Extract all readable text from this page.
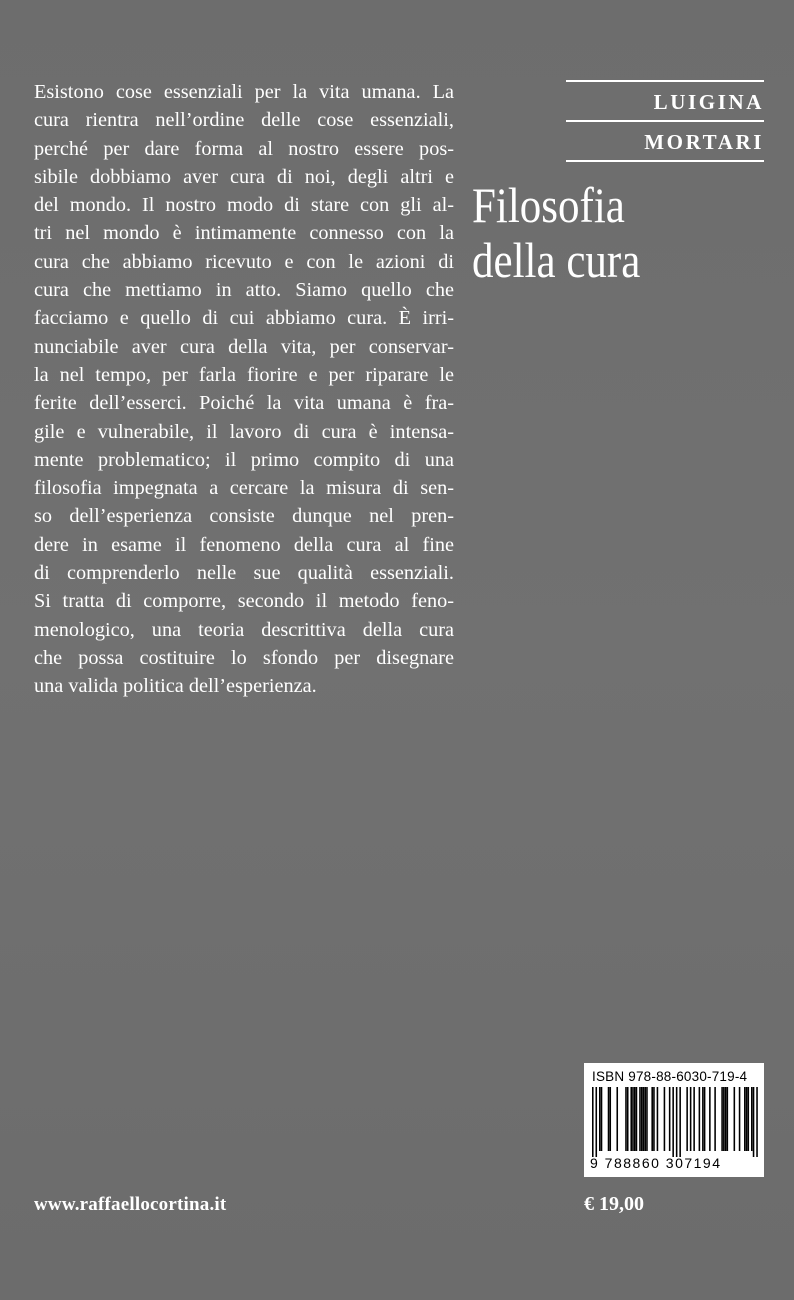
Esistono cose essenziali per la vita umana. La
cura rientra nell’ordine delle cose essenziali,
perché per dare forma al nostro essere pos-
sibile dobbiamo aver cura di noi, degli altri e
del mondo. Il nostro modo di stare con gli al-
tri nel mondo è intimamente connesso con la
cura che abbiamo ricevuto e con le azioni di
cura che mettiamo in atto. Siamo quello che
facciamo e quello di cui abbiamo cura. È irri-
nunciabile aver cura della vita, per conservar-
la nel tempo, per farla fiorire e per riparare le
ferite dell’esserci. Poiché la vita umana è fra-
gile e vulnerabile, il lavoro di cura è intensa-
mente problematico; il primo compito di una
filosofia impegnata a cercare la misura di sen-
so dell’esperienza consiste dunque nel pren-
dere in esame il fenomeno della cura al fine
di comprenderlo nelle sue qualità essenziali.
Si tratta di comporre, secondo il metodo feno-
menologico, una teoria descrittiva della cura
che possa costituire lo sfondo per disegnare
una valida politica dell’esperienza.
LUIGINA
MORTARI
Filosofia
della cura
ISBN 978-88-6030-719-4
9 788860 307194
www.raffaellocortina.it	€ 19,00
